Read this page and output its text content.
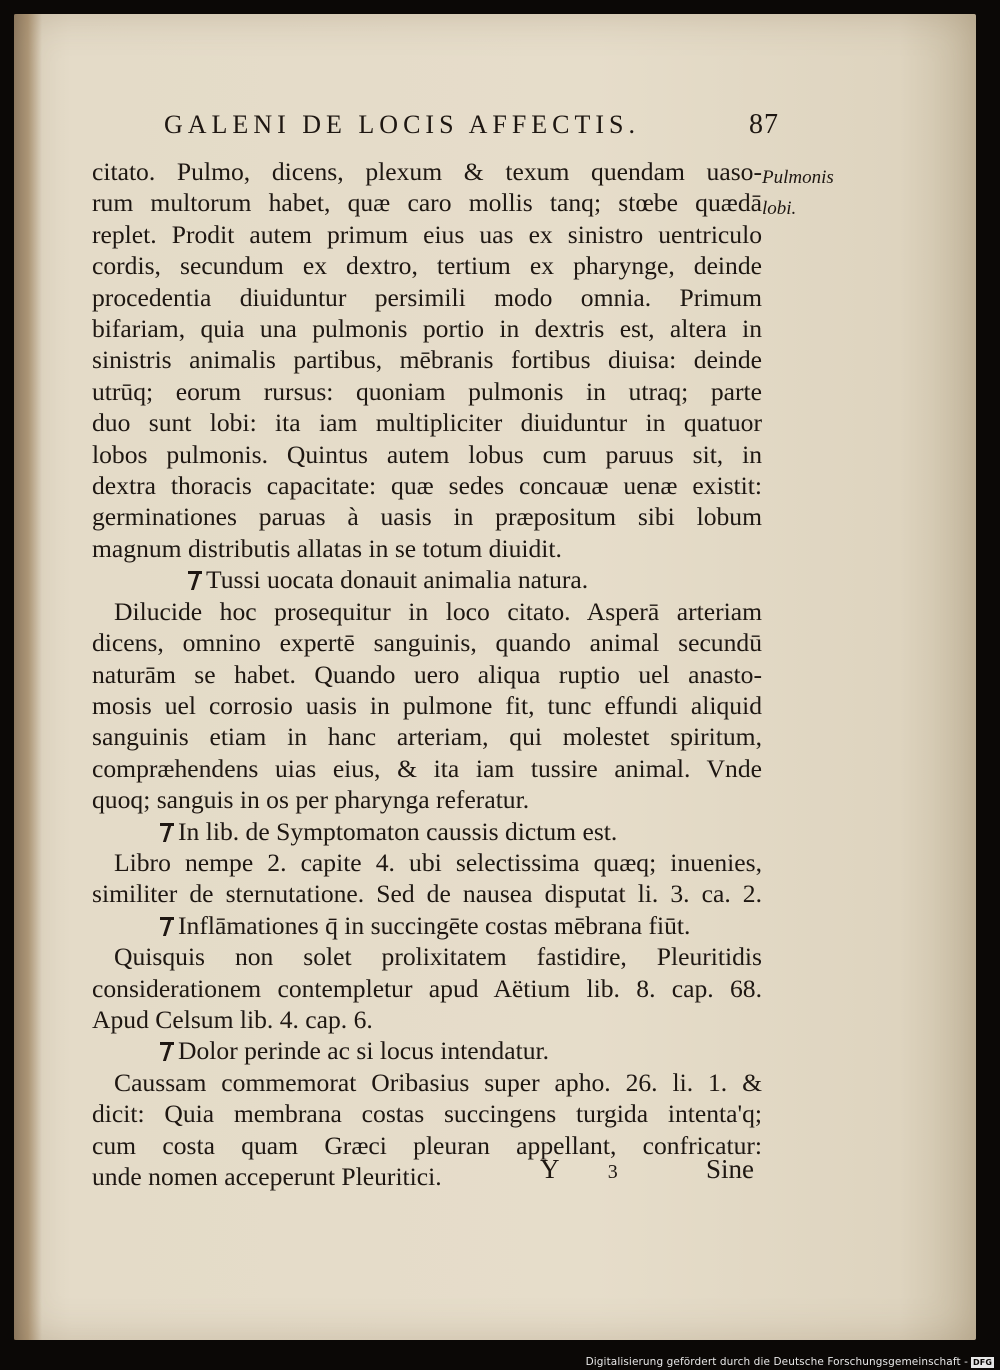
GALENI DE LOCIS AFFECTIS.	87
Pulmonis
lobi.
citato. Pulmo, dicens, plexum & texum quendam uaso-
rum multorum habet, quæ caro mollis tanq; stœbe quædā
replet. Prodit autem primum eius uas ex sinistro uentriculo
cordis, secundum ex dextro, tertium ex pharynge, deinde
procedentia diuiduntur persimili modo omnia. Primum
bifariam, quia una pulmonis portio in dextris est, altera in
sinistris animalis partibus, mēbranis fortibus diuisa: deinde
utrūq; eorum rursus: quoniam pulmonis in utraq; parte
duo sunt lobi: ita iam multipliciter diuiduntur in quatuor
lobos pulmonis. Quintus autem lobus cum paruus sit, in
dextra thoracis capacitate: quæ sedes concauæ uenæ existit:
germinationes paruas à uasis in præpositum sibi lobum
magnum distributis allatas in se totum diuidit.
Tussi uocata donauit animalia natura.
Dilucide hoc prosequitur in loco citato. Asperā arteriam
dicens, omnino expertē sanguinis, quando animal secundū
naturām se habet. Quando uero aliqua ruptio uel anasto-
mosis uel corrosio uasis in pulmone fit, tunc effundi aliquid
sanguinis etiam in hanc arteriam, qui molestet spiritum,
compræhendens uias eius, & ita iam tussire animal. Vnde
quoq; sanguis in os per pharynga referatur.
In lib. de Symptomaton caussis dictum est.
Libro nempe 2. capite 4. ubi selectissima quæq; inuenies,
similiter de sternutatione. Sed de nausea disputat li. 3. ca. 2.
Inflāmationes q̄ in succingēte costas mēbrana fiūt.
Quisquis non solet prolixitatem fastidire, Pleuritidis
considerationem contempletur apud Aëtium lib. 8. cap. 68.
Apud Celsum lib. 4. cap. 6.
Dolor perinde ac si locus intendatur.
Caussam commemorat Oribasius super apho. 26. li. 1. &
dicit: Quia membrana costas succingens turgida intenta'q;
cum costa quam Græci pleuran appellant, confricatur:
unde nomen acceperunt Pleuritici.	Y 3	Sine
Digitalisierung gefördert durch die Deutsche Forschungsgemeinschaft - DFG
